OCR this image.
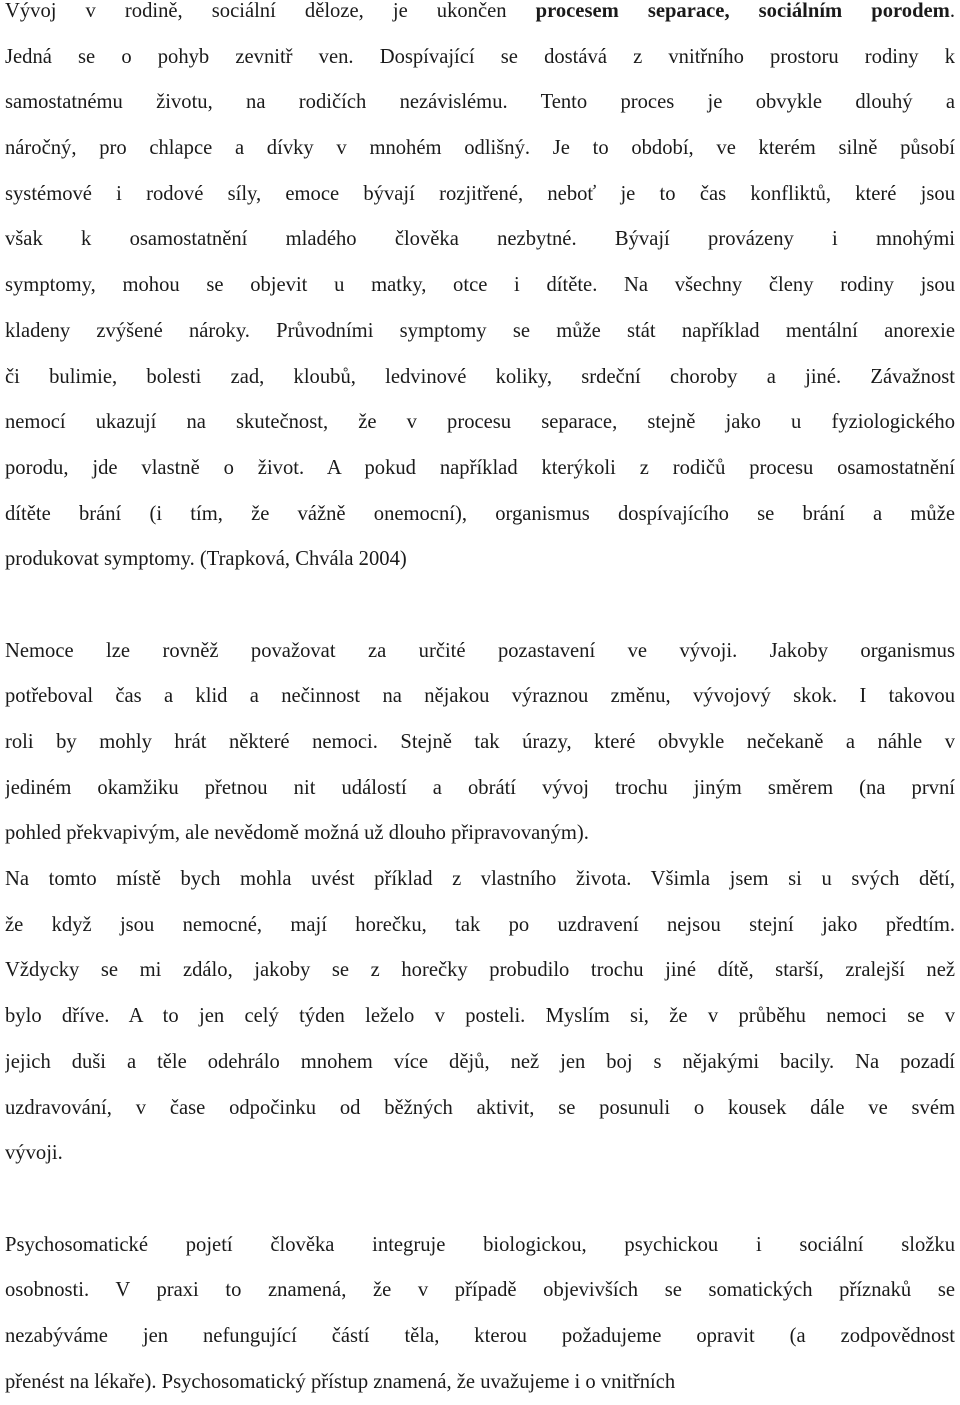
Vývoj v rodině, sociální děloze, je ukončen procesem separace, sociálním porodem.
Jedná se o pohyb zevnitř ven. Dospívající se dostává z vnitřního prostoru rodiny k
samostatnému životu, na rodičích nezávislému. Tento proces je obvykle dlouhý a
náročný, pro chlapce a dívky v mnohém odlišný. Je to období, ve kterém silně působí
systémové i rodové síly, emoce bývají rozjitřené, neboť je to čas konfliktů, které jsou
však k osamostatnění mladého člověka nezbytné. Bývají provázeny i mnohými
symptomy, mohou se objevit u matky, otce i dítěte. Na všechny členy rodiny jsou
kladeny zvýšené nároky. Průvodními symptomy se může stát například mentální anorexie
či bulimie, bolesti zad, kloubů, ledvinové koliky, srdeční choroby a jiné. Závažnost
nemocí ukazují na skutečnost, že v procesu separace, stejně jako u fyziologického
porodu, jde vlastně o život. A pokud například kterýkoli z rodičů procesu osamostatnění
dítěte brání (i tím, že vážně onemocní), organismus dospívajícího se brání a může
produkovat symptomy. (Trapková, Chvála 2004)
Nemoce lze rovněž považovat za určité pozastavení ve vývoji. Jakoby organismus
potřeboval čas a klid a nečinnost na nějakou výraznou změnu, vývojový skok. I takovou
roli by mohly hrát některé nemoci. Stejně tak úrazy, které obvykle nečekaně a náhle v
jediném okamžiku přetnou nit událostí a obrátí vývoj trochu jiným směrem (na první
pohled překvapivým, ale nevědomě možná už dlouho připravovaným).
Na tomto místě bych mohla uvést příklad z vlastního života. Všimla jsem si u svých dětí,
že když jsou nemocné, mají horečku, tak po uzdravení nejsou stejní jako předtím.
Vždycky se mi zdálo, jakoby se z horečky probudilo trochu jiné dítě, starší, zralejší než
bylo dříve. A to jen celý týden leželo v posteli. Myslím si, že v průběhu nemoci se v
jejich duši a těle odehrálo mnohem více dějů, než jen boj s nějakými bacily. Na pozadí
uzdravování, v čase odpočinku od běžných aktivit, se posunuli o kousek dále ve svém
vývoji.
Psychosomatické pojetí člověka integruje biologickou, psychickou i sociální složku
osobnosti. V praxi to znamená, že v případě objevivších se somatických příznaků se
nezabýváme jen nefungující částí těla, kterou požadujeme opravit (a zodpovědnost
přenést na lékaře). Psychosomatický přístup znamená, že uvažujeme i o vnitřních
